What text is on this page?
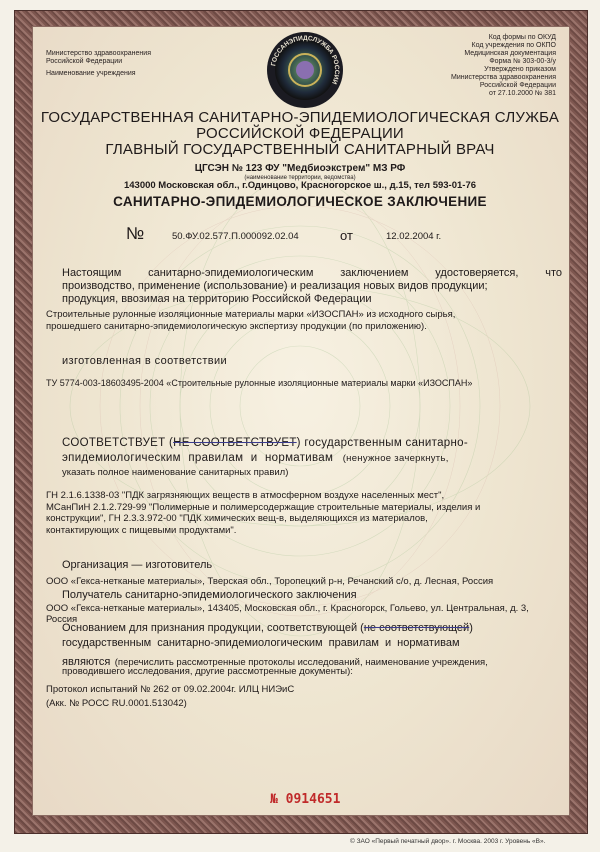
Министерство здравоохранения
Российской Федерации
Наименование учреждения
Код формы по ОКУД
Код учреждения по ОКПО
Медицинская документация
Форма № 303-00-3/у
Утверждено приказом
Министерства здравоохранения
Российской Федерации
от 27.10.2000 № 381
ГОССАНЭПИДСЛУЖБА РОССИИ
ГОСУДАРСТВЕННАЯ САНИТАРНО-ЭПИДЕМИОЛОГИЧЕСКАЯ СЛУЖБА
РОССИЙСКОЙ ФЕДЕРАЦИИ
ГЛАВНЫЙ ГОСУДАРСТВЕННЫЙ САНИТАРНЫЙ ВРАЧ
ЦГСЭН № 123 ФУ "Медбиоэкстрем" МЗ РФ
(наименование территории, ведомства)
143000 Московская обл., г.Одинцово, Красногорское ш., д.15, тел 593-01-76
САНИТАРНО-ЭПИДЕМИОЛОГИЧЕСКОЕ ЗАКЛЮЧЕНИЕ
№	50.ФУ.02.577.П.000092.02.04	от	12.02.2004 г.
Настоящим санитарно-эпидемиологическим заключением удостоверяется, что
производство, применение (использование) и реализация новых видов продукции;
продукция, ввозимая на территорию Российской Федерации
Строительные рулонные изоляционные материалы марки «ИЗОСПАН» из исходного сырья,
прошедшего санитарно-эпидемиологическую экспертизу продукции (по приложению).
изготовленная в соответствии
ТУ 5774-003-18603495-2004 «Строительные рулонные изоляционные материалы марки «ИЗОСПАН»
СООТВЕТСТВУЕТ (НЕ СООТВЕТСТВУЕТ) государственным санитарно-
эпидемиологическим правилам и нормативам (ненужное зачеркнуть,
указать полное наименование санитарных правил)
ГН 2.1.6.1338-03 "ПДК загрязняющих веществ в атмосферном воздухе населенных мест",
МСанПиН 2.1.2.729-99 "Полимерные и полимерсодержащие строительные материалы, изделия и
конструкции", ГН 2.3.3.972-00 "ПДК химических вещ-в, выделяющихся из материалов,
контактирующих с пищевыми продуктами".
Организация — изготовитель
ООО «Гекса-нетканые материалы», Тверская обл., Торопецкий р-н, Речанский с/о, д. Лесная, Россия
Получатель санитарно-эпидемиологического заключения
ООО «Гекса-нетканые материалы», 143405, Московская обл., г. Красногорск, Гольево, ул. Центральная, д. 3,
Россия
Основанием для признания продукции, соответствующей (не соответствующей)
государственным санитарно-эпидемиологическим правилам и нормативам
являются (перечислить рассмотренные протоколы исследований, наименование учреждения,
проводившего исследования, другие рассмотренные документы):
Протокол испытаний № 262 от 09.02.2004г. ИЛЦ НИЭиС
(Акк. № РОСС RU.0001.513042)
№ 0914651
© ЗАО «Первый печатный двор». г. Москва. 2003 г. Уровень «В».
